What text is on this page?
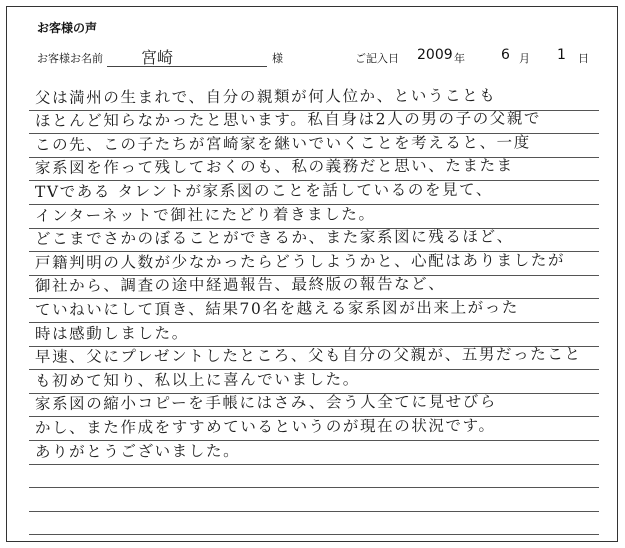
お客様の声
お客様お名前 宮崎	様	ご記入日 2009 年	6 月 1 日
父は満州の生まれで、自分の親類が何人位か、ということも
ほとんど知らなかったと思います。私自身は2人の男の子の父親で
この先、この子たちが宮崎家を継いでいくことを考えると、一度
家系図を作って残しておくのも、私の義務だと思い、たまたま
TVである タレントが家系図のことを話しているのを見て、
インターネットで御社にたどり着きました。
どこまでさかのぼることができるか、また家系図に残るほど、
戸籍判明の人数が少なかったらどうしようかと、心配はありましたが
御社から、調査の途中経過報告、最終版の報告など、
ていねいにして頂き、結果70名を越える家系図が出来上がった
時は感動しました。
早速、父にプレゼントしたところ、父も自分の父親が、五男だったこと
も初めて知り、私以上に喜んでいました。
家系図の縮小コピーを手帳にはさみ、会う人全てに見せびら
かし、また作成をすすめているというのが現在の状況です。
ありがとうございました。
